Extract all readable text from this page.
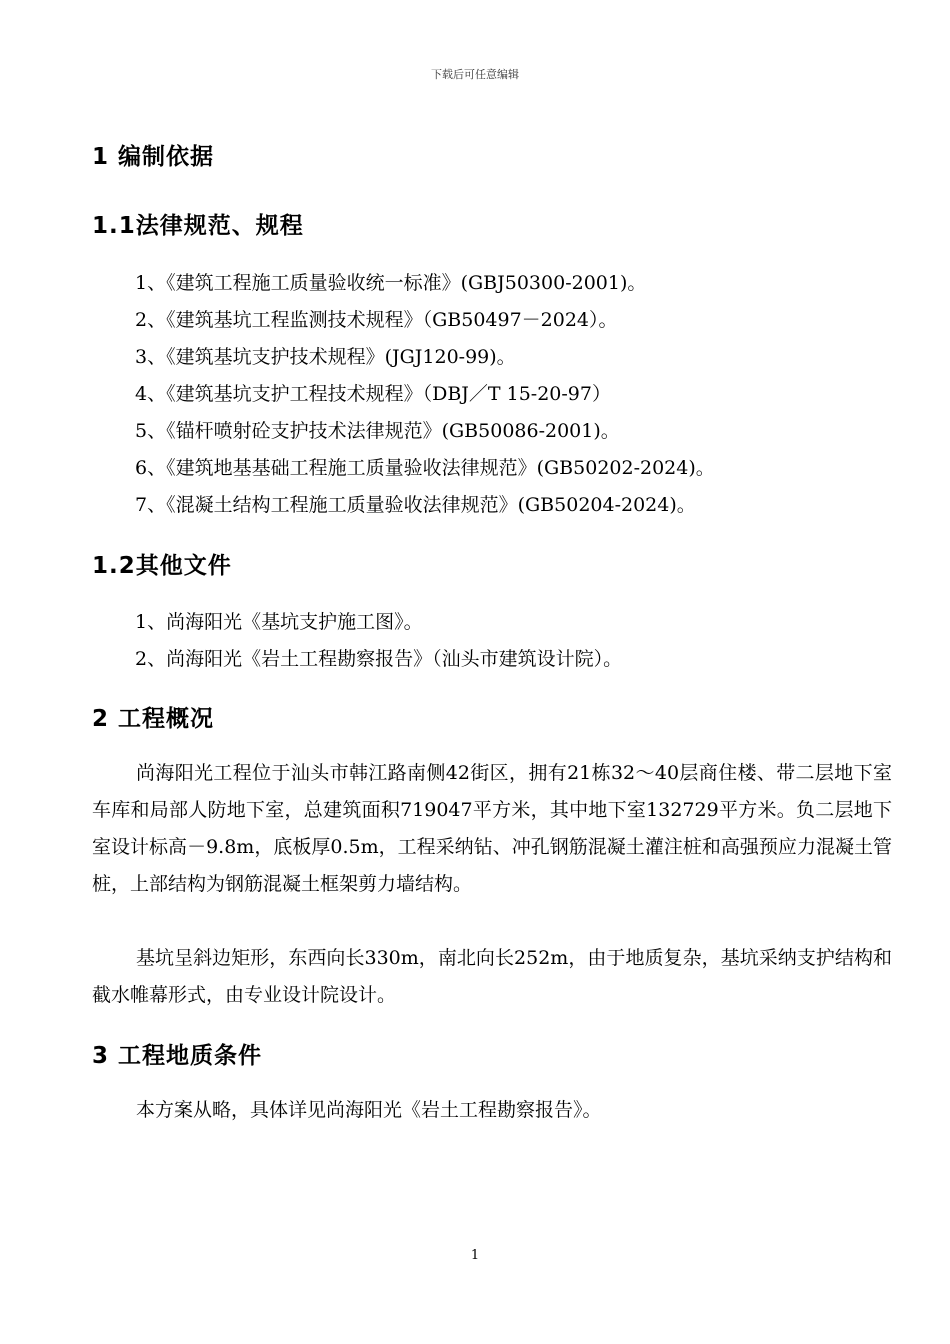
下载后可任意编辑
1 编制依据
1.1法律规范、规程
1、《建筑工程施工质量验收统一标准》(GBJ50300-2001)。
2、《建筑基坑工程监测技术规程》（GB50497－2024）。
3、《建筑基坑支护技术规程》(JGJ120-99)。
4、《建筑基坑支护工程技术规程》（DBJ／T 15-20-97）
5、《锚杆喷射砼支护技术法律规范》(GB50086-2001)。
6、《建筑地基基础工程施工质量验收法律规范》(GB50202-2024)。
7、《混凝土结构工程施工质量验收法律规范》(GB50204-2024)。
1.2其他文件
1、尚海阳光《基坑支护施工图》。
2、尚海阳光《岩土工程勘察报告》（汕头市建筑设计院）。
2 工程概况
尚海阳光工程位于汕头市韩江路南侧42街区，拥有21栋32～40层商住楼、带二层地下室车库和局部人防地下室，总建筑面积719047平方米，其中地下室132729平方米。负二层地下室设计标高－9.8m，底板厚0.5m，工程采纳钻、冲孔钢筋混凝土灌注桩和高强预应力混凝土管桩，上部结构为钢筋混凝土框架剪力墙结构。
基坑呈斜边矩形，东西向长330m，南北向长252m，由于地质复杂，基坑采纳支护结构和截水帷幕形式，由专业设计院设计。
3 工程地质条件
本方案从略，具体详见尚海阳光《岩土工程勘察报告》。
1
